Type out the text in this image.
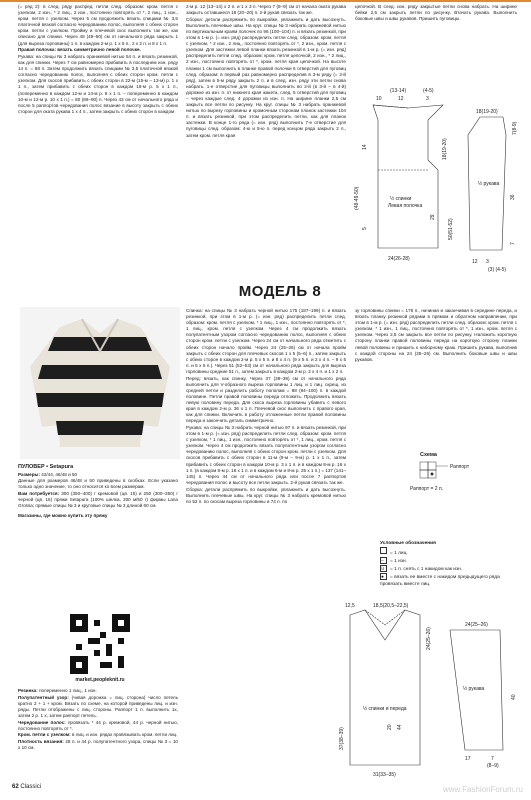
(= ряд 2): в след. ряду распред. петли след. образом: кром. петля с узелком, 2 изн., * 2 лиц., 2 изн., постоянно повторять от *, 2 лиц., 1 изн., кром. петля с узелком. Через 5 см продолжить вязать спицами № 3,5 платочной вязкой согласно чередованию полос, выполняя с обеих сторон кром. петли с узелком. Пройму и плечевой скос выполнить так же, как описано для спинки. Через 48 (49–50) см от начального ряда закрыть 1 (для выреза горловины) 1 п. в каждом 2-м р. 1 х 5 п., 2 х 2 п. и 8 х 1 п.

Правая полочка: вязать симметрично левой полочке.

Рукава: на спицы № 3 набрать оранжевой нитью 54 п. и вязать резинкой, как для спинки. Через 7 см равномерно прибавить в последнем изн. ряду 14 п. = 68 п. Затем продолжить вязать спицами № 3,5 платочной вязкой согласно чередованию полос, выполняя с обеих сторон кром. петли с узелком. Для скосов прибавить с обеих сторон в 22-м (15-м – 13-м) р. 1 х 1 п., затем прибавить с обеих сторон в каждом 18-м р. 5 х 1 п., (попеременно в каждом 12-м и 14-м р. 8 х 1 п. – попеременно в каждом 10-м и 12-м р. 10 х 1 п.) = 80 (86–90) п. Через 43 см от начального ряда и после 5 раппортов чередования полос вязание в высоту закрыть с обеих сторон для оката рукава 1 х 4 п., затем закрыть с обеих сторон в каждом

2-м р. 12 (13–14) х 2 п. и 1 х 3 п. Через 7 (8–9) см от начала оката рукава закрыть оставшиеся 18 (20–20) п. 2-й рукав связать так же.

Сборка: детали распрямить по выкройке, увлажнить и дать высохнуть. Выполнить плечевые швы. На круг. спицы № 3 набрать оранжевой нитью по вертикальным краям полочек по 96 (100–104) п. и вязать резинкой, при этом в 1-м р. (= изн. ряд) распределить петли след. образом: кром. петля с узелком, * 2 изн., 2 лиц., постоянно повторять от *, 2 изн., кром. петля с узелком. Для застежки левой планки вязать резинкой в 1-м р. (= изн. ряд) распределить петли след. образом: кром. петля цепочкой, 2 изн., * 2 лиц., 2 изн., постоянно повторять от *, кром. петля края цепочкой. На высоте планки 1 см выполнить в планке правой полочки 6 отверстий для пуговиц след. образом: в первый раз равномерно распределив в 3-м ряду (= 2-й ряд), затем в 5-м ряду закрыть 2 п. и в след. изн. ряду эти петли снова набрать. 1-е отверстие для пуговицы выполнить во 2-й (в 3-й – в 4-й) дорожке из изн. п. от нижнего края жакета, след. 5 отверстий для пуговиц – через каждые след. 4 дорожки из изн. п. На ширине планки 2,5 см закрыть все петли по рисунку. На круг. спицы № 3 набрать оранжевой нитью по вырезу горловины и кромочным сторонам планок застежки 104 п. и вязать резинкой, при этом распределить петли, как для планок застежки. В конце 1-го ряда (= изн. ряд) выполнить 7-е отверстие для пуговицы след. образом: 4-ю и 5-ю п. перед концом ряда закрыть 2 п., затем кром. петля края

цепочкой. В след. изн. ряду закрытые петли снова набрать. На ширине бейки 2,5 см закрыть петли по рисунку. Втачать рукава. Выполнить боковые швы и швы рукавов. Пришить пуговицы.

(13-14)	(4-5)
10	12	3
½ спинки
Левая полочка
24(26-28)
(48-49-50)
14
5
18(19-20)
50(51-52)
29
18(19-20)
½ рукава
12 3
(3) (4-5)
7(8-9)
36
7
МОДЕЛЬ 8

ПУЛОВЕР • Setapura

Размеры: 42/44, 46/48 и 50

Данные для размеров 46/48 и 50 приведены в скобках. Если указано только одно значение, то оно относится ко всем размерам.

Вам потребуется: 300 (350–400) г кремовой (цв. 15) и 250 (300–350) г черной (цв. 16) пряжи Setapura (100% шелка, 200 м/50 г) фирмы Lana Grossa; прямые спицы № 3 и круговые спицы № 3 длиной 60 см.

Магазины, где можно купить эту пряжу

market.peopleknit.ru

Резинка: попеременно 1 лиц., 1 изн.

Полупатентный узор: (чивая дорожка = лиц. сторона) число петель кратно 2 + 1 + кром. Вязать по схеме, на которой приведены лиц. и изн. ряды. Петли отображены с лиц. стороны. Раппорт 1 п. выполнить 1х, затем 2 р. 1 х, затем раппорт петель.

Чередование полос: провязать * 44 р. кремовой, 44 р. черной нитью, постоянно повторять от *.

Кром. петли с узелком: в лиц. и изн. рядах провязывать кром. петли лиц.

Плотность вязания: 28 п. и 44 р. полупатентного узора, спицы № 3 = 10 х 10 см.

Спинка: на спицы № 3 набрать черной нитью 175 (187–199) п. и вязать резинкой, при этом в 1-м р. (= изн. ряд) распределить петли след. образом: кром. петля с узелком, * 1 лиц., 1 изн., постоянно повторять от *, 1 лиц., кром. петля с узелком. Через 4 см продолжить вязать полупатентным узором согласно чередованию полос, выполняя с обеих сторон кром. петли с узелком. Через 24 см от начального ряда отметить с обеих сторон начало пройм. Через 24 (25–26) см от начала пройм закрыть с обеих сторон для плечевых скосов 1 х 5 (5–6) п., затем закрыть с обеих сторон в каждом 2-м р. 5 х 5 п. и 8 х 4 п. (9 х 5 п. и 2 х 4 п. – 9 х 5 п. и 5 х 5 п.). Через 51 (52–53) см от начального ряда закрыть для выреза горловины средние 51 п., затем закрыть в каждом 2-м р. 2 х 4 п. и 1 х 2 п.

Перед: вязать, как спинку. Через 37 (38–39) см от начального ряда выполнить для V-образного выреза горловины 1 лиц. и 1 лиц. скрещ. из средней петли и разделить работу пополам = 88 (94–100) п. в каждой половине. Петли правой половины переда отложить. Продолжить вязать левую половину переда. Для скоса выреза горловины убавить с левого края в каждом 2-м р. 36 х 1 п. Плечевой скос выполнить с правого края, как для спинки. Включить в работу отложенные петли правой половины переда и закончить деталь симметрично.

Рукава: на спицы № 3 набрать черной нитью 97 п. и вязать резинкой, при этом в 1-м р. (= изн. ряд) распределить петли след. образом: кром. петля с узелком, * 1 лиц., 1 изн., постоянно повторять от *, 1 лиц., кром. петля с узелком. Через 4 см продолжить вязать полупатентным узором согласно чередованию полос, выполняя с обеих сторон кром. петли с узелком. Для скосов прибавить с обеих сторон в 11-м (9-м – 9-м) р. 1 х 1 п., затем прибавить с обеих сторон в каждом 10-м р. 3 х 1 п. и в каждом 8-м р. 16 х 1 п. (в каждом 8-м р. 18 х 1 п. и в каждом 6-м и 8-м р. 25 х 1 п.) = 137 (141–145) п. Через 44 см от начального ряда или после 7 раппортов чередования полос и высоту все петли закрыть. 2-й рукав связать так же.

Сборка: детали распрямить по выкройке, увлажнить и дать высохнуть. Выполнить плечевые швы. На круг. спицы № 3 набрать кремовой нитью по 52 п. по скосам выреза горловины и 74 п. по

зу горловины спинки = 178 п., начиная и заканчивая в середине переда, и вязать планку резинкой рядами в прямом и обратном направлении, при этом в 1-м р. (= изн. ряд) распределить петли след. образом: кром. петля с узелком, * 1 изн., 1 лиц., постоянно повторять от *, 1 изн., кром. петля с узелком. Через 2,5 см закрыть все петли по рисунку. Наложить короткую сторону планки правой половины переда на короткую сторону планки левой половины и пришить к наборному краю. Пришить рукава, выполнив с каждой стороны на 24 (25–26) см. Выполнить боковые швы и швы рукавов.

Схема
Раппорт
Раппорт = 2 п.
Условные обозначения
= 1 лиц.
– = 1 изн.
∪ = 1 п. снять с 1 накидом как изн.
● = вязать ее вместе с накидом предыдущего ряда провязать вместе лиц.
12,5	18,5(20,5–22,5)
½ спинки и переда
31(33–35)
37(38–39)
24(25–26)
44
20
24(25–26)
½ рукава
17	7
(8–9)
40
62 Classici	www.FashionForum.ru
